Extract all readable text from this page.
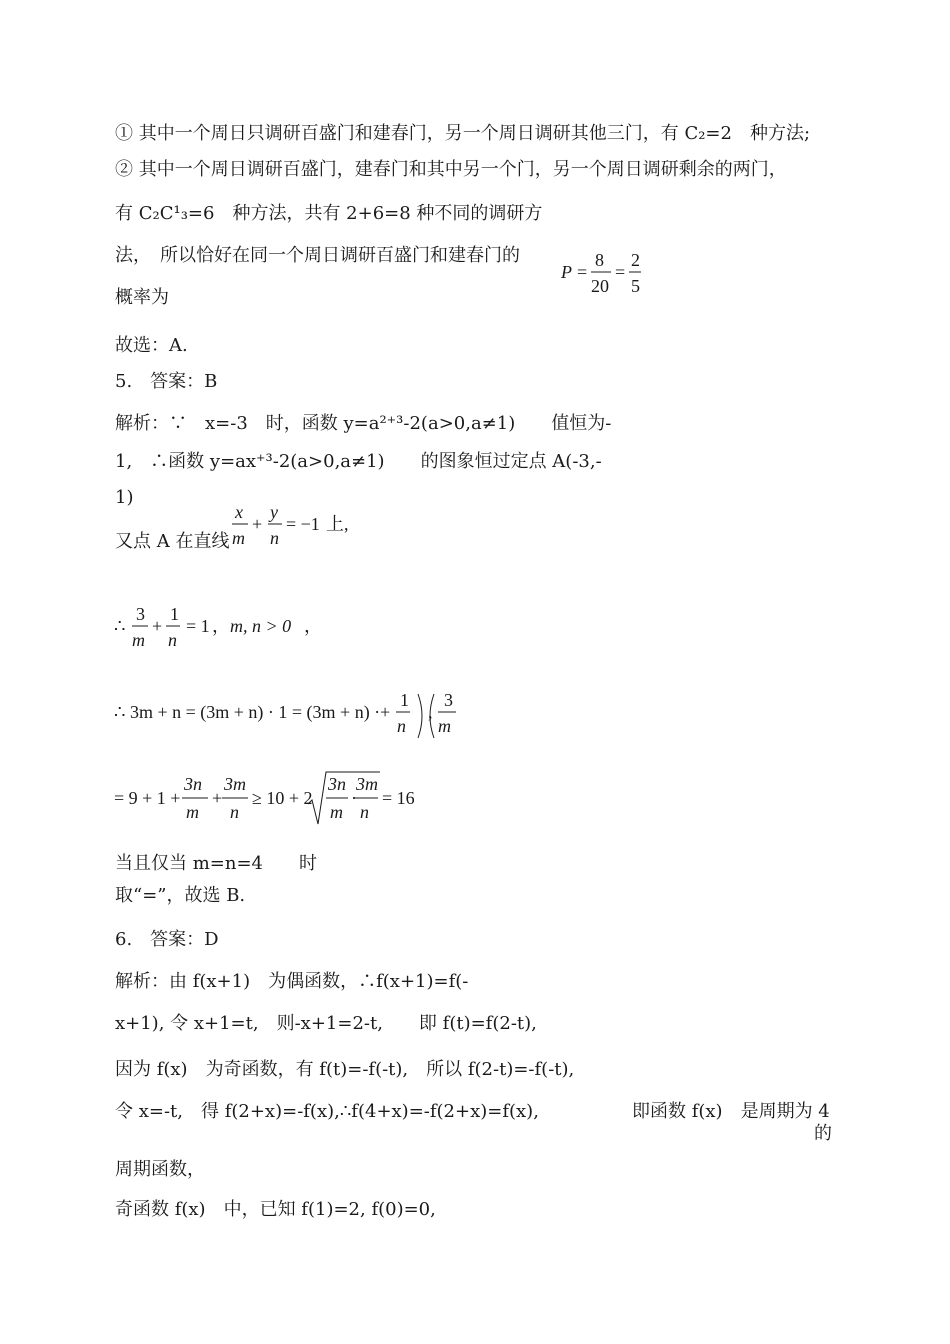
① 其中一个周日只调研百盛门和建春门，另一个周日调研其他三门，有 C₂=2　种方法;
② 其中一个周日调研百盛门，建春门和其中另一个门，另一个周日调研剩余的两门，
有 C₂C¹₃=6　种方法，共有 2+6=8 种不同的调研方
法，　所以恰好在同一个周日调研百盛门和建春门的
P =
8
20
=
2
5
概率为
故选：A.
5.　答案：B
解析：∵　x=-3　时，函数 y=a²⁺³-2(a>0,a≠1)　　值恒为-
1,　∴函数 y=ax⁺³-2(a>0,a≠1)　　的图象恒过定点 A(-3,-
1)
又点 A 在直线
x
m
+
y
n
= −1 上,
∴
3
m
+
1
n
= 1 ， m, n > 0 ，
∴ 3m + n = (3m + n) · 1 = (3m + n) ·
3
m
+
1
n
,
= 9 + 1 +
3n
m
+
3m
n
≥ 10 + 2
3n
m
·
3m
n
= 16
当且仅当 m=n=4　　时
取“=”，故选 B.
6.　答案：D
解析：由 f(x+1)　为偶函数，∴f(x+1)=f(-
x+1), 令 x+1=t,　则-x+1=2-t,　　即 f(t)=f(2-t),
因为 f(x)　为奇函数，有 f(t)=-f(-t),　所以 f(2-t)=-f(-t),
令 x=-t,　得 f(2+x)=-f(x),∴f(4+x)=-f(2+x)=f(x),	即函数 f(x)　是周期为 4
的
周期函数，
奇函数 f(x)　中，已知 f(1)=2, f(0)=0,
